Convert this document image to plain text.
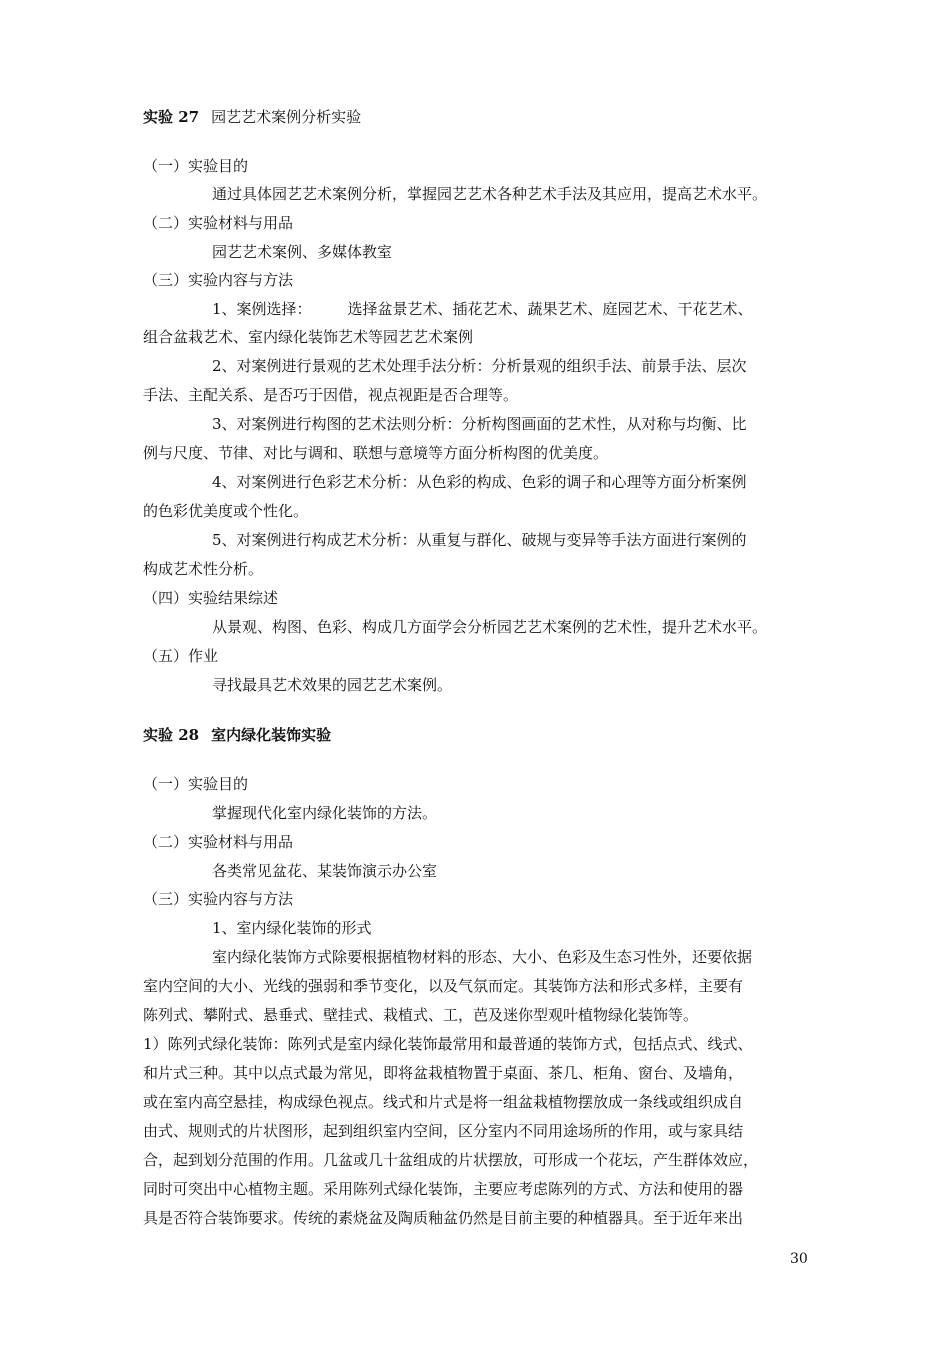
实验 27 园艺艺术案例分析实验
（一）实验目的
通过具体园艺艺术案例分析，掌握园艺艺术各种艺术手法及其应用，提高艺术水平。
（二）实验材料与用品
园艺艺术案例、多媒体教室
（三）实验内容与方法
1、案例选择： 选择盆景艺术、插花艺术、蔬果艺术、庭园艺术、干花艺术、
组合盆栽艺术、室内绿化装饰艺术等园艺艺术案例
2、对案例进行景观的艺术处理手法分析：分析景观的组织手法、前景手法、层次
手法、主配关系、是否巧于因借，视点视距是否合理等。
3、对案例进行构图的艺术法则分析：分析构图画面的艺术性，从对称与均衡、比
例与尺度、节律、对比与调和、联想与意境等方面分析构图的优美度。
4、对案例进行色彩艺术分析：从色彩的构成、色彩的调子和心理等方面分析案例
的色彩优美度或个性化。
5、对案例进行构成艺术分析：从重复与群化、破规与变异等手法方面进行案例的
构成艺术性分析。
（四）实验结果综述
从景观、构图、色彩、构成几方面学会分析园艺艺术案例的艺术性，提升艺术水平。
（五）作业
寻找最具艺术效果的园艺艺术案例。
实验 28 室内绿化装饰实验
（一）实验目的
掌握现代化室内绿化装饰的方法。
（二）实验材料与用品
各类常见盆花、某装饰演示办公室
（三）实验内容与方法
1、室内绿化装饰的形式
室内绿化装饰方式除要根据植物材料的形态、大小、色彩及生态习性外，还要依据
室内空间的大小、光线的强弱和季节变化，以及气氛而定。其装饰方法和形式多样，主要有
陈列式、攀附式、悬垂式、壁挂式、栽植式、工，芭及迷你型观叶植物绿化装饰等。
1）陈列式绿化装饰：陈列式是室内绿化装饰最常用和最普通的装饰方式，包括点式、线式、
和片式三种。其中以点式最为常见，即将盆栽植物置于桌面、茶几、柜角、窗台、及墙角，
或在室内高空悬挂，构成绿色视点。线式和片式是将一组盆栽植物摆放成一条线或组织成自
由式、规则式的片状图形，起到组织室内空间，区分室内不同用途场所的作用，或与家具结
合，起到划分范围的作用。几盆或几十盆组成的片状摆放，可形成一个花坛，产生群体效应，
同时可突出中心植物主题。采用陈列式绿化装饰，主要应考虑陈列的方式、方法和使用的器
具是否符合装饰要求。传统的素烧盆及陶质釉盆仍然是目前主要的种植器具。至于近年来出
30
